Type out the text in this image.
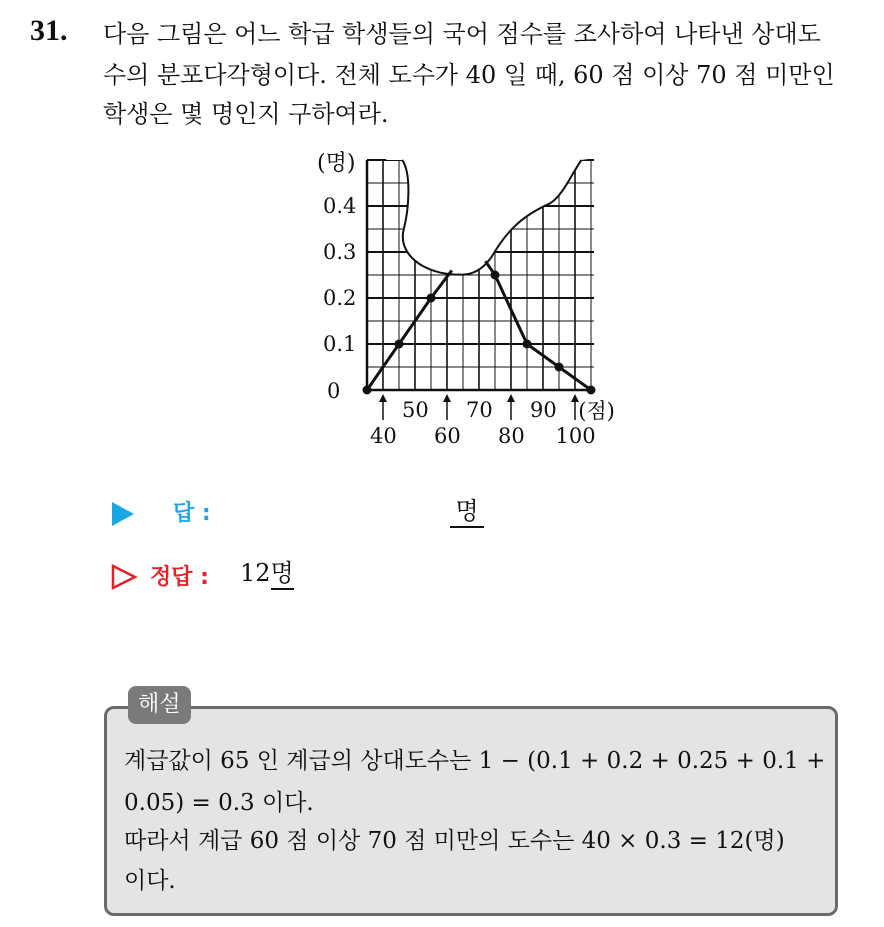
31. 다음 그림은 어느 학급 학생들의 국어 점수를 조사하여 나타낸 상대도
수의 분포다각형이다. 전체 도수가 40 일 때, 60 점 이상 70 점 미만인
학생은 몇 명인지 구하여라.
(명)
0
0.1
0.2
0.3
0.4
50 70 90
40 60 80 100
(점)
답 :	명
정답 : 12명
해설
계급값이 65 인 계급의 상대도수는 1 − (0.1 + 0.2 + 0.25 + 0.1 +
0.05) = 0.3 이다.
따라서 계급 60 점 이상 70 점 미만의 도수는 40 × 0.3 = 12(명)
이다.
